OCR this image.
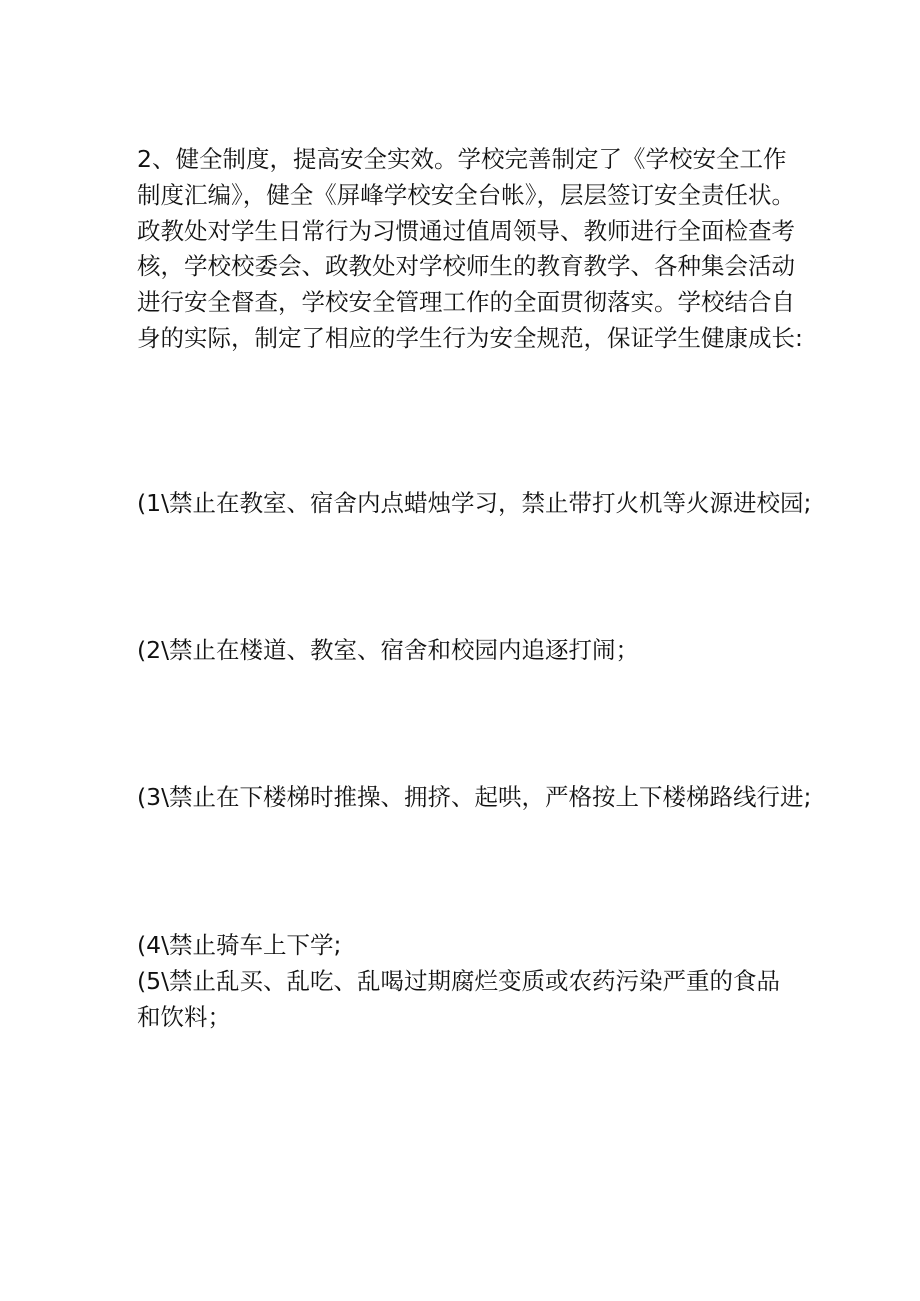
2、健全制度，提高安全实效。学校完善制定了《学校安全工作
制度汇编》，健全《屏峰学校安全台帐》，层层签订安全责任状。
政教处对学生日常行为习惯通过值周领导、教师进行全面检查考
核，学校校委会、政教处对学校师生的教育教学、各种集会活动
进行安全督查，学校安全管理工作的全面贯彻落实。学校结合自
身的实际，制定了相应的学生行为安全规范，保证学生健康成长:
(1\禁止在教室、宿舍内点蜡烛学习，禁止带打火机等火源进校园;
(2\禁止在楼道、教室、宿舍和校园内追逐打闹；
(3\禁止在下楼梯时推操、拥挤、起哄，严格按上下楼梯路线行进;
(4\禁止骑车上下学;
(5\禁止乱买、乱吃、乱喝过期腐烂变质或农药污染严重的食品
和饮料；
